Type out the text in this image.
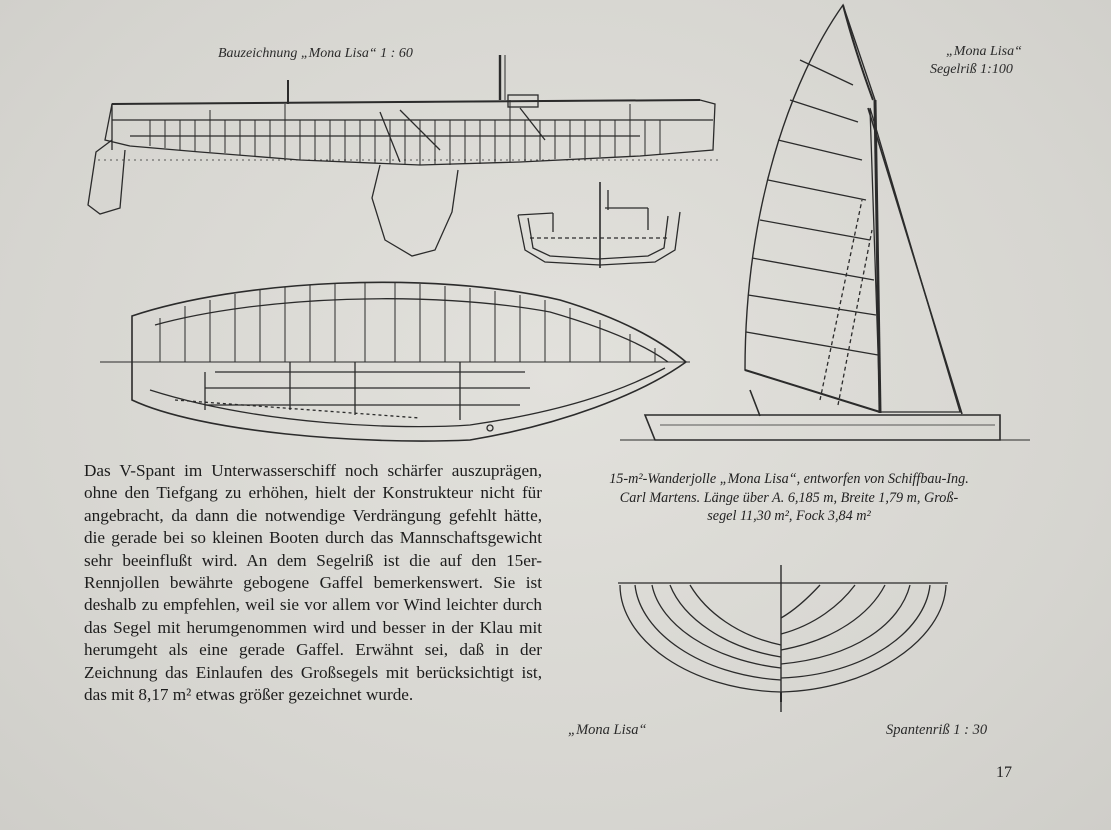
Bauzeichnung „Mona Lisa“ 1 : 60	„Mona Lisa“
Segelriß 1:100
„Mona Lisa“	Spantenriß 1 : 30

Das V-Spant im Unterwasserschiff noch schärfer auszuprägen, ohne den Tiefgang zu erhöhen, hielt der Konstrukteur nicht für angebracht, da dann die notwendige Verdrängung gefehlt hätte, die gerade bei so kleinen Booten durch das Mannschaftsgewicht sehr beeinflußt wird. An dem Segelriß ist die auf den 15er-Rennjollen bewährte gebogene Gaffel bemerkenswert. Sie ist deshalb zu empfehlen, weil sie vor allem vor Wind leichter durch das Segel mit herumgenommen wird und besser in der Klau mit herumgeht als eine gerade Gaffel. Erwähnt sei, daß in der Zeichnung das Einlaufen des Großsegels mit berücksichtigt ist, das mit 8,17 m² etwas größer gezeichnet wurde.

15-m²-Wanderjolle „Mona Lisa“, entworfen von Schiffbau-Ing.
Carl Martens. Länge über A. 6,185 m, Breite 1,79 m, Groß-
segel 11,30 m², Fock 3,84 m²
17
